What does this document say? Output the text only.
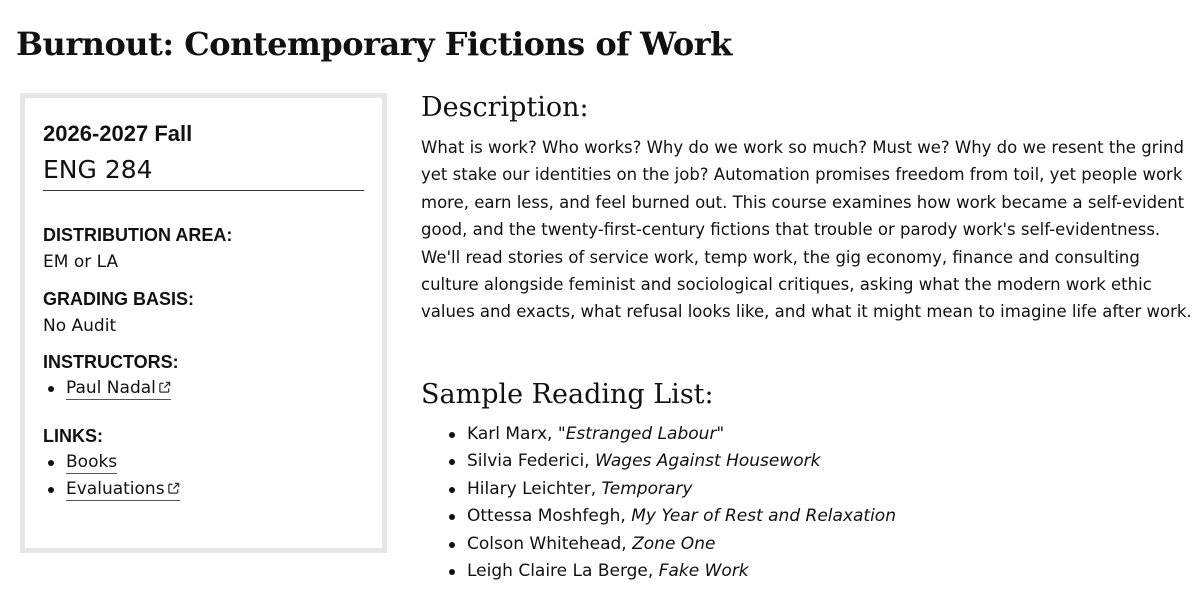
Burnout: Contemporary Fictions of Work
2026-2027 Fall
ENG 284
DISTRIBUTION AREA:
EM or LA
GRADING BASIS:
No Audit
INSTRUCTORS:
Paul Nadal
LINKS:
Books
Evaluations
Description:

What is work? Who works? Why do we work so much? Must we? Why do we resent the grind yet stake our identities on the job? Automation promises freedom from toil, yet people work more, earn less, and feel burned out. This course examines how work became a self-evident good, and the twenty-first-century fictions that trouble or parody work's self-evidentness. We'll read stories of service work, temp work, the gig economy, finance and consulting culture alongside feminist and sociological critiques, asking what the modern work ethic values and exacts, what refusal looks like, and what it might mean to imagine life after work.

Sample Reading List:
Karl Marx, "Estranged Labour"
Silvia Federici, Wages Against Housework
Hilary Leichter, Temporary
Ottessa Moshfegh, My Year of Rest and Relaxation
Colson Whitehead, Zone One
Leigh Claire La Berge, Fake Work
